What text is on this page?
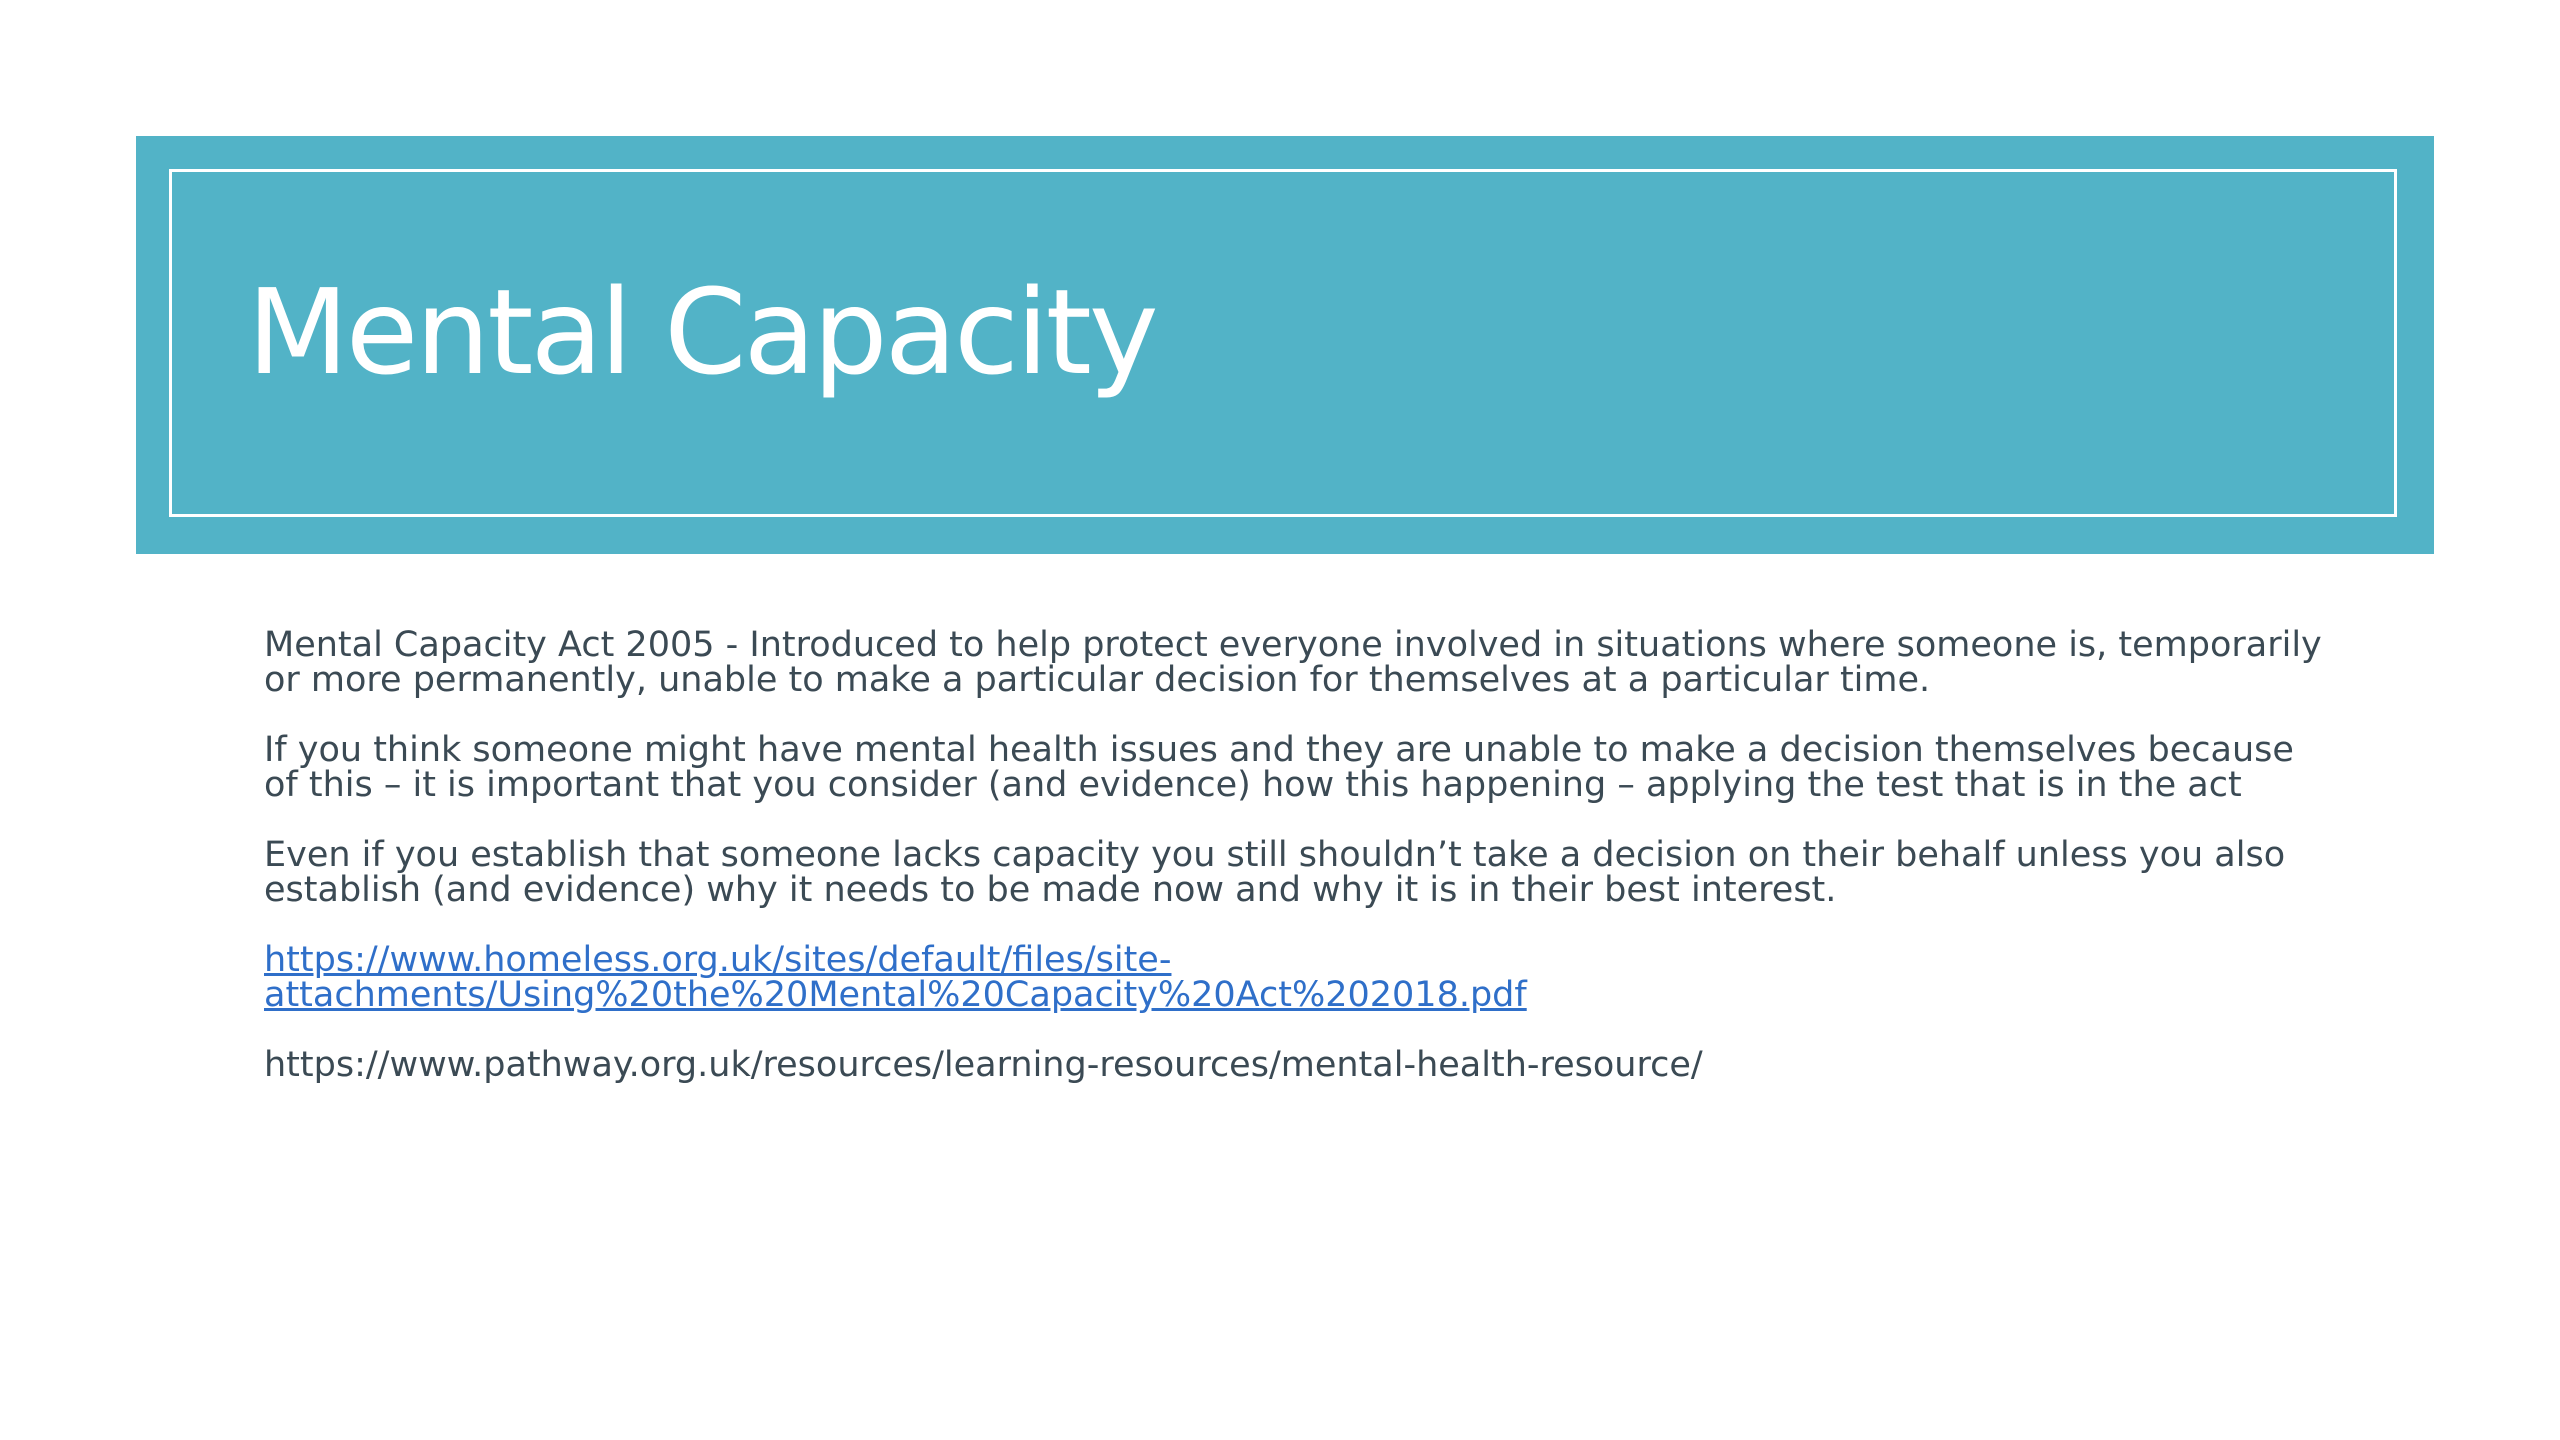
Mental Capacity

Mental Capacity Act 2005 - Introduced to help protect everyone involved in situations where someone is, temporarily or more permanently, unable to make a particular decision for themselves at a particular time.

If you think someone might have mental health issues and they are unable to make a decision themselves because of this – it is important that you consider (and evidence) how this happening – applying the test that is in the act

Even if you establish that someone lacks capacity you still shouldn’t take a decision on their behalf unless you also establish (and evidence) why it needs to be made now and why it is in their best interest.

https://www.homeless.org.uk/sites/default/files/site-
attachments/Using%20the%20Mental%20Capacity%20Act%202018.pdf

https://www.pathway.org.uk/resources/learning-resources/mental-health-resource/
